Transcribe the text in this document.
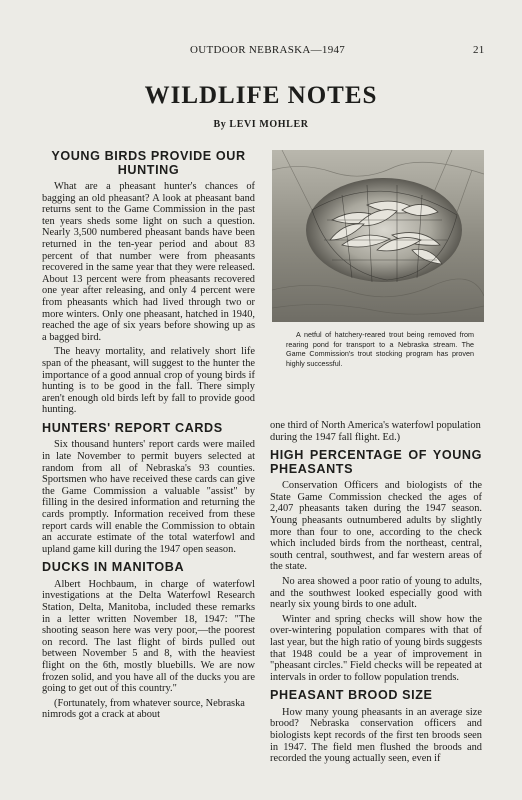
OUTDOOR NEBRASKA—1947	21
WILDLIFE NOTES
By LEVI MOHLER
YOUNG BIRDS PROVIDE OUR HUNTING

What are a pheasant hunter's chances of bagging an old pheasant? A look at pheasant band returns sent to the Game Commission in the past ten years sheds some light on such a question. Nearly 3,500 numbered pheasant bands have been returned in the ten-year period and about 83 percent of that number were from pheasants recovered in the same year that they were released. About 13 percent were from pheasants recovered one year after releasing, and only 4 percent were from pheasants which had lived through two or more winters. Only one pheasant, hatched in 1940, reached the age of six years before showing up as a bagged bird.

The heavy mortality, and relatively short life span of the pheasant, will suggest to the hunter the importance of a good annual crop of young birds if hunting is to be good in the fall. There simply aren't enough old birds left by fall to provide good hunting.

HUNTERS' REPORT CARDS

Six thousand hunters' report cards were mailed in late November to permit buyers selected at random from all of Nebraska's 93 counties. Sportsmen who have received these cards can give the Game Commission a valuable "assist" by filling in the desired information and returning the cards promptly. Information received from these report cards will enable the Commission to obtain an accurate estimate of the total waterfowl and upland game kill during the 1947 open season.

DUCKS IN MANITOBA

Albert Hochbaum, in charge of waterfowl investigations at the Delta Waterfowl Research Station, Delta, Manitoba, included these remarks in a letter written November 18, 1947: "The shooting season here was very poor,—the poorest on record. The last flight of birds pulled out between November 5 and 8, with the heaviest flight on the 6th, mostly bluebills. We are now frozen solid, and you have all of the ducks you are going to get out of this country."

(Fortunately, from whatever source, Nebraska nimrods got a crack at about

A netful of hatchery-reared trout being removed from rearing pond for transport to a Nebraska stream. The Game Commission's trout stocking program has proven highly successful.

one third of North America's waterfowl population during the 1947 fall flight. Ed.)

HIGH PERCENTAGE OF YOUNG PHEASANTS

Conservation Officers and biologists of the State Game Commission checked the ages of 2,407 pheasants taken during the 1947 season. Young pheasants outnumbered adults by slightly more than four to one, according to the check which included birds from the northeast, central, south central, southwest, and far western areas of the state.

No area showed a poor ratio of young to adults, and the southwest looked especially good with nearly six young birds to one adult.

Winter and spring checks will show how the over-wintering population compares with that of last year, but the high ratio of young birds suggests that 1948 could be a year of improvement in "pheasant circles." Field checks will be repeated at intervals in order to follow population trends.

PHEASANT BROOD SIZE

How many young pheasants in an average size brood? Nebraska conservation officers and biologists kept records of the first ten broods seen in 1947. The field men flushed the broods and recorded the young actually seen, even if
